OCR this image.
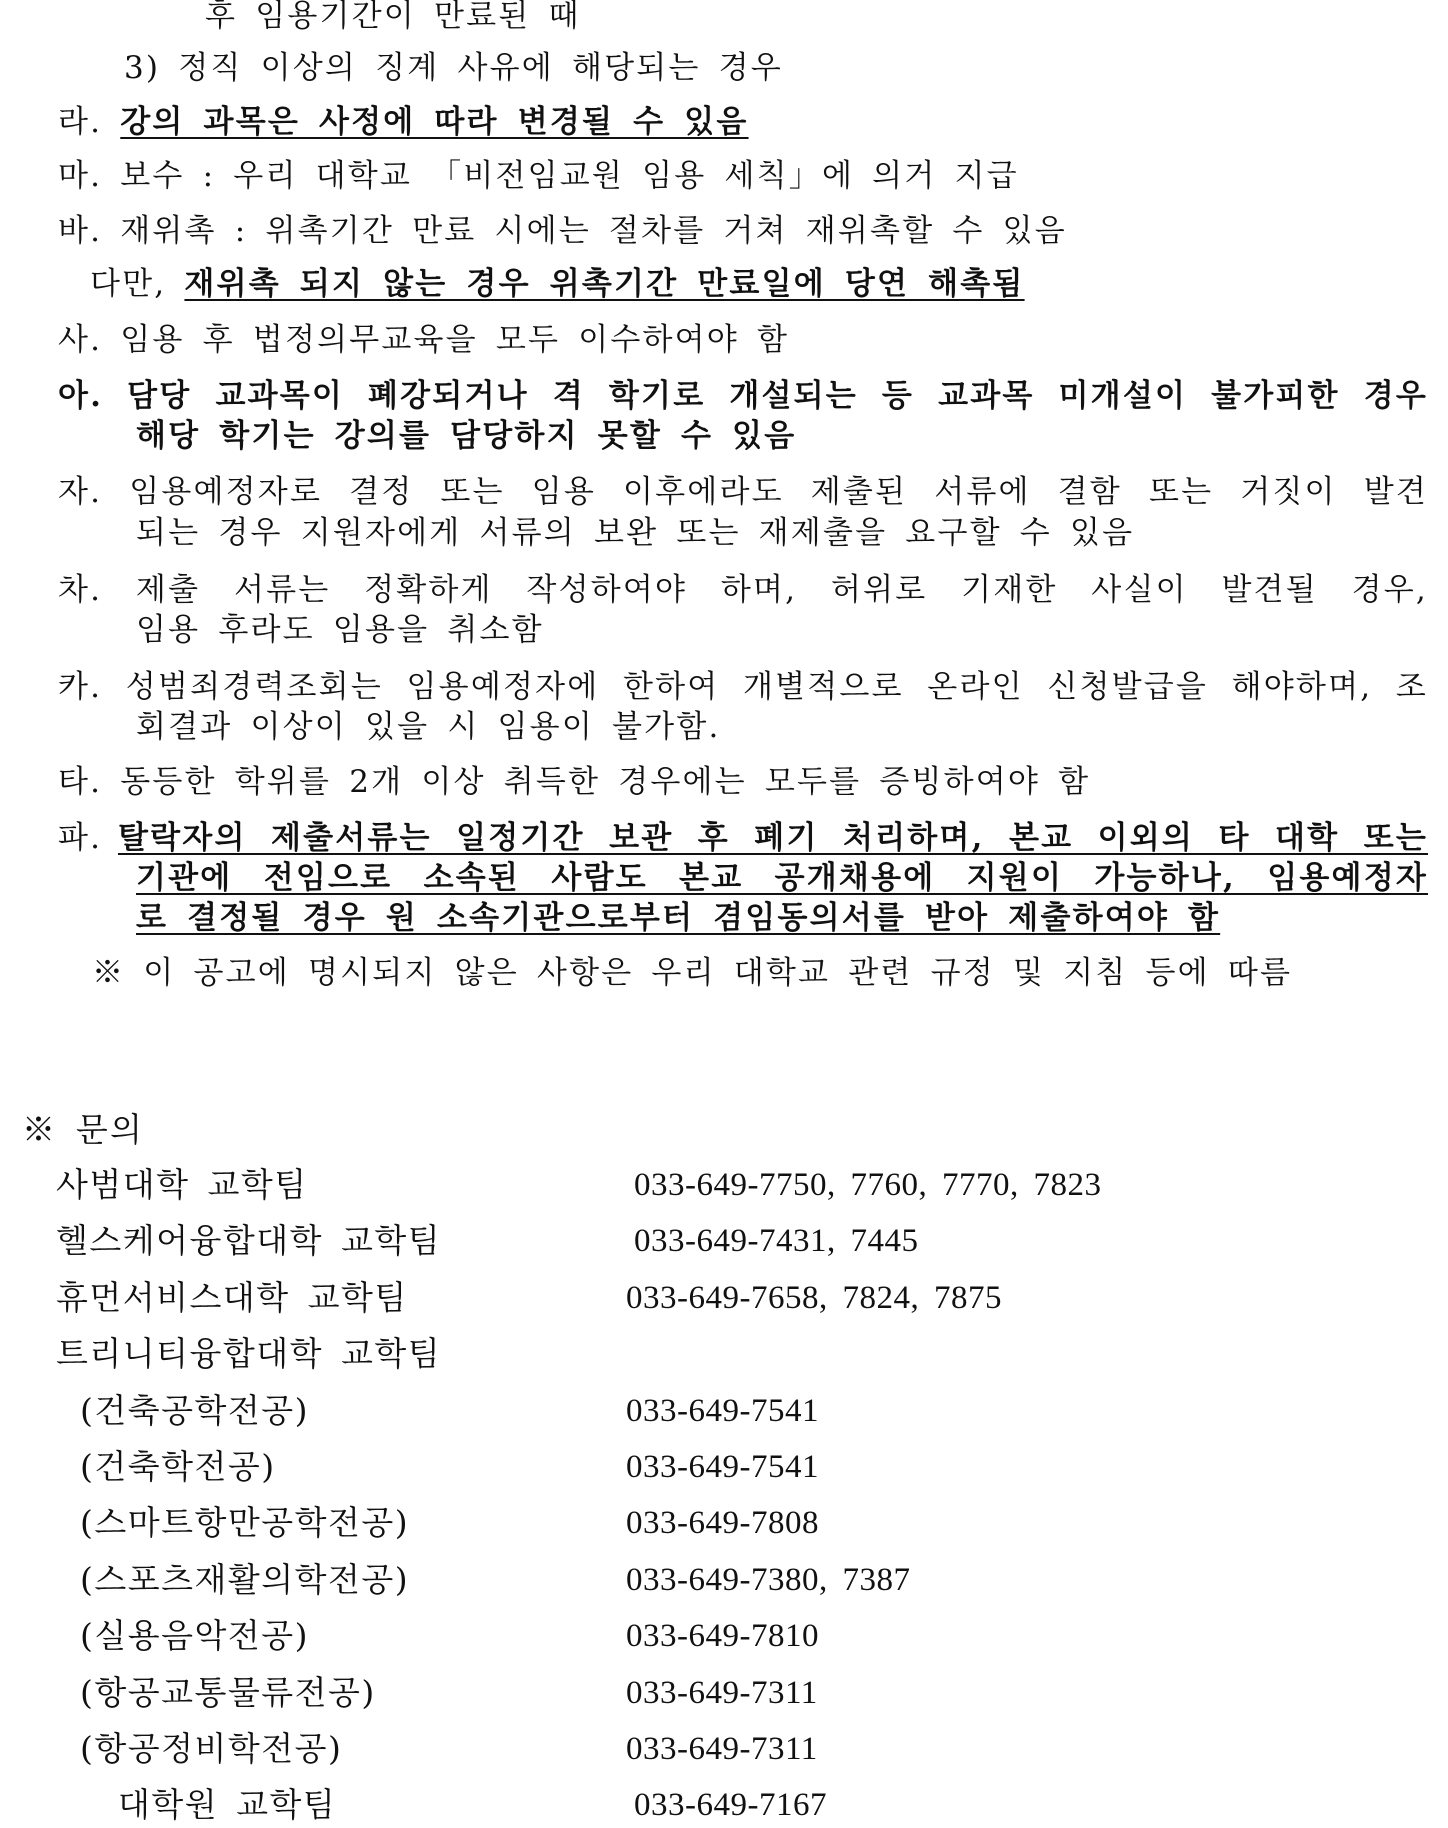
후 임용기간이 만료된 때
3) 정직 이상의 징계 사유에 해당되는 경우
라. 강의 과목은 사정에 따라 변경될 수 있음
마. 보수 : 우리 대학교 「비전임교원 임용 세칙」에 의거 지급
바. 재위촉 : 위촉기간 만료 시에는 절차를 거쳐 재위촉할 수 있음
다만, 재위촉 되지 않는 경우 위촉기간 만료일에 당연 해촉됨
사. 임용 후 법정의무교육을 모두 이수하여야 함
아. 담당 교과목이 폐강되거나 격 학기로 개설되는 등 교과목 미개설이 불가피한 경우
해당 학기는 강의를 담당하지 못할 수 있음
자. 임용예정자로 결정 또는 임용 이후에라도 제출된 서류에 결함 또는 거짓이 발견
되는 경우 지원자에게 서류의 보완 또는 재제출을 요구할 수 있음
차. 제출 서류는 정확하게 작성하여야 하며, 허위로 기재한 사실이 발견될 경우,
임용 후라도 임용을 취소함
카. 성범죄경력조회는 임용예정자에 한하여 개별적으로 온라인 신청발급을 해야하며, 조
회결과 이상이 있을 시 임용이 불가함.
타. 동등한 학위를 2개 이상 취득한 경우에는 모두를 증빙하여야 함
파. 탈락자의 제출서류는 일정기간 보관 후 폐기 처리하며, 본교 이외의 타 대학 또는
기관에 전임으로 소속된 사람도 본교 공개채용에 지원이 가능하나, 임용예정자
로 결정될 경우 원 소속기관으로부터 겸임동의서를 받아 제출하여야 함
※ 이 공고에 명시되지 않은 사항은 우리 대학교 관련 규정 및 지침 등에 따름
※ 문의
사범대학 교학팀	033-649-7750, 7760, 7770, 7823
헬스케어융합대학 교학팀	033-649-7431, 7445
휴먼서비스대학 교학팀	033-649-7658, 7824, 7875
트리니티융합대학 교학팀
(건축공학전공)	033-649-7541
(건축학전공)	033-649-7541
(스마트항만공학전공)	033-649-7808
(스포츠재활의학전공)	033-649-7380, 7387
(실용음악전공)	033-649-7810
(항공교통물류전공)	033-649-7311
(항공정비학전공)	033-649-7311
대학원 교학팀	033-649-7167
